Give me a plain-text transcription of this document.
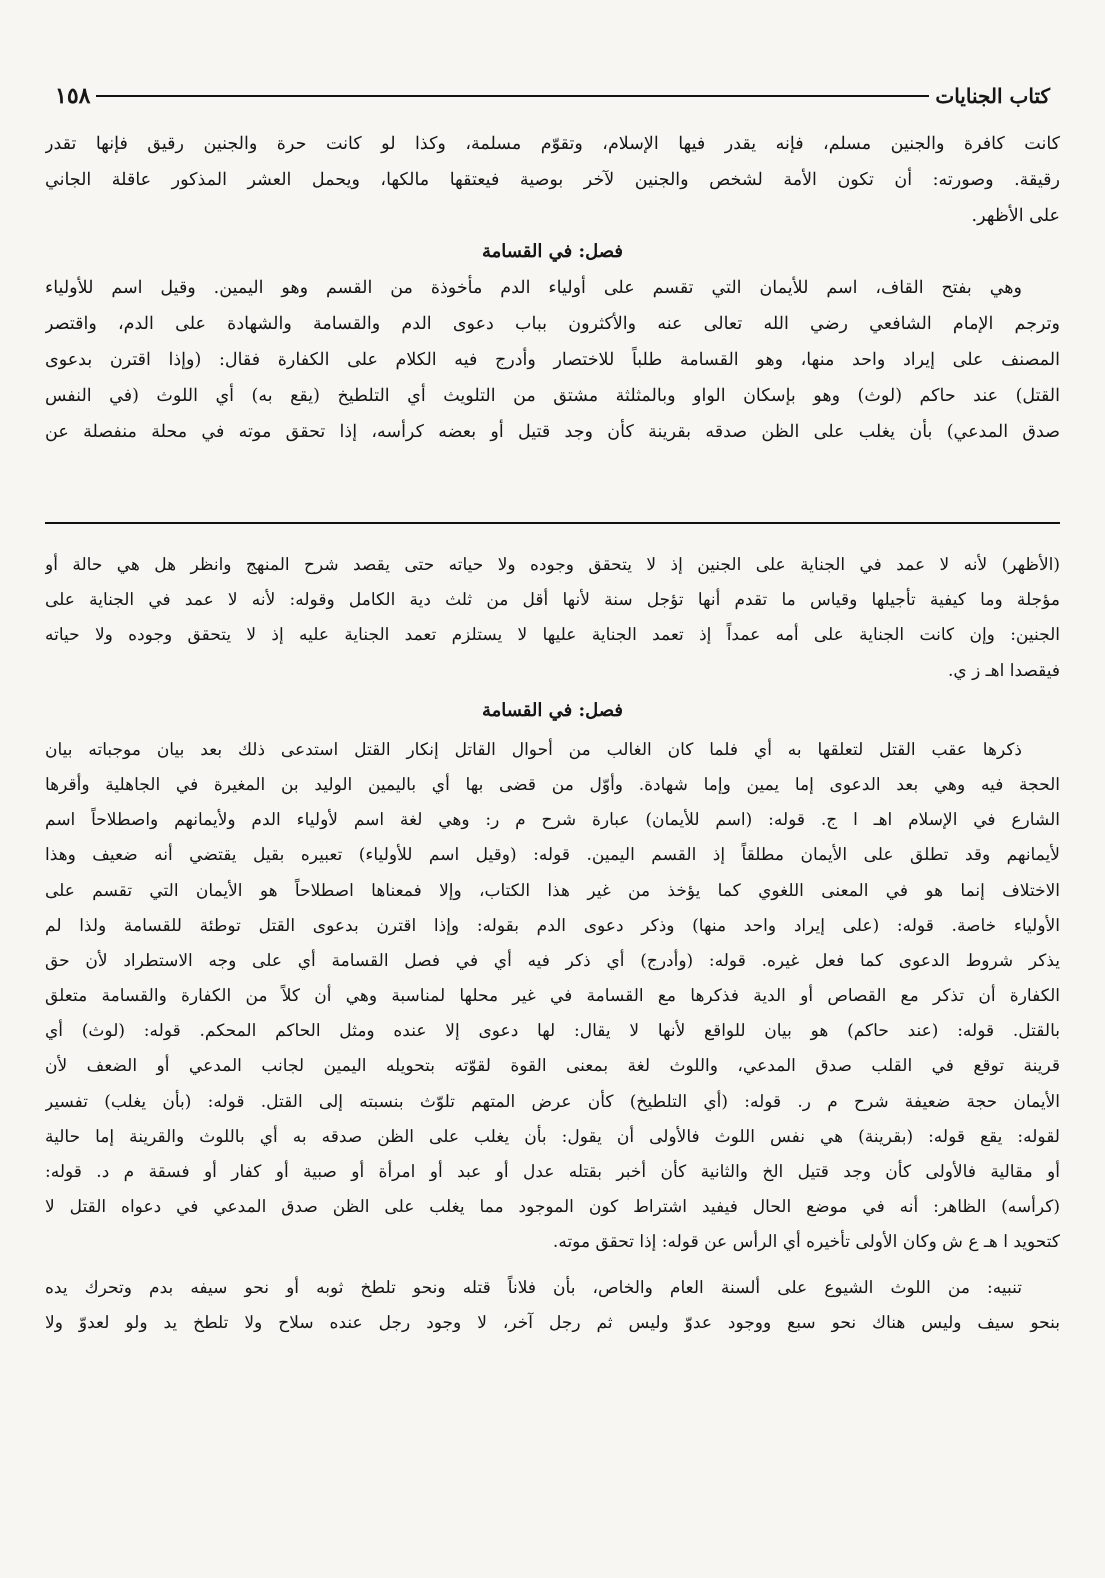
كتاب الجنايات
١٥٨
كانت كافرة والجنين مسلم، فإنه يقدر فيها الإسلام، وتقوّم مسلمة، وكذا لو كانت حرة والجنين رقيق فإنها تقدر
رقيقة. وصورته: أن تكون الأمة لشخص والجنين لآخر بوصية فيعتقها مالكها، ويحمل العشر المذكور عاقلة الجاني
على الأظهر.
فصل: في القسامة
وهي بفتح القاف، اسم للأيمان التي تقسم على أولياء الدم مأخوذة من القسم وهو اليمين. وقيل اسم للأولياء
وترجم الإمام الشافعي رضي الله تعالى عنه والأكثرون بباب دعوى الدم والقسامة والشهادة على الدم، واقتصر
المصنف على إيراد واحد منها، وهو القسامة طلباً للاختصار وأدرج فيه الكلام على الكفارة فقال: (وإذا اقترن بدعوى
القتل) عند حاكم (لوث) وهو بإسكان الواو وبالمثلثة مشتق من التلويث أي التلطيخ (يقع به) أي اللوث (في النفس
صدق المدعي) بأن يغلب على الظن صدقه بقرينة كأن وجد قتيل أو بعضه كرأسه، إذا تحقق موته في محلة منفصلة عن
(الأظهر) لأنه لا عمد في الجناية على الجنين إذ لا يتحقق وجوده ولا حياته حتى يقصد شرح المنهج وانظر هل هي حالة أو
مؤجلة وما كيفية تأجيلها وقياس ما تقدم أنها تؤجل سنة لأنها أقل من ثلث دية الكامل وقوله: لأنه لا عمد في الجناية على
الجنين: وإن كانت الجناية على أمه عمداً إذ تعمد الجناية عليها لا يستلزم تعمد الجناية عليه إذ لا يتحقق وجوده ولا حياته
فيقصدا اهـ ز ي.
فصل: في القسامة
ذكرها عقب القتل لتعلقها به أي فلما كان الغالب من أحوال القاتل إنكار القتل استدعى ذلك بعد بيان موجباته بيان
الحجة فيه وهي بعد الدعوى إما يمين وإما شهادة. وأوّل من قضى بها أي باليمين الوليد بن المغيرة في الجاهلية وأقرها
الشارع في الإسلام اهـ ا ج. قوله: (اسم للأيمان) عبارة شرح م ر: وهي لغة اسم لأولياء الدم ولأيمانهم واصطلاحاً اسم
لأيمانهم وقد تطلق على الأيمان مطلقاً إذ القسم اليمين. قوله: (وقيل اسم للأولياء) تعبيره بقيل يقتضي أنه ضعيف وهذا
الاختلاف إنما هو في المعنى اللغوي كما يؤخذ من غير هذا الكتاب، وإلا فمعناها اصطلاحاً هو الأيمان التي تقسم على
الأولياء خاصة. قوله: (على إيراد واحد منها) وذكر دعوى الدم بقوله: وإذا اقترن بدعوى القتل توطئة للقسامة ولذا لم
يذكر شروط الدعوى كما فعل غيره. قوله: (وأدرج) أي ذكر فيه أي في فصل القسامة أي على وجه الاستطراد لأن حق
الكفارة أن تذكر مع القصاص أو الدية فذكرها مع القسامة في غير محلها لمناسبة وهي أن كلاً من الكفارة والقسامة متعلق
بالقتل. قوله: (عند حاكم) هو بيان للواقع لأنها لا يقال: لها دعوى إلا عنده ومثل الحاكم المحكم. قوله: (لوث) أي
قرينة توقع في القلب صدق المدعي، واللوث لغة بمعنى القوة لقوّته بتحويله اليمين لجانب المدعي أو الضعف لأن
الأيمان حجة ضعيفة شرح م ر. قوله: (أي التلطيخ) كأن عرض المتهم تلوّث بنسبته إلى القتل. قوله: (بأن يغلب) تفسير
لقوله: يقع قوله: (بقرينة) هي نفس اللوث فالأولى أن يقول: بأن يغلب على الظن صدقه به أي باللوث والقرينة إما حالية
أو مقالية فالأولى كأن وجد قتيل الخ والثانية كأن أخبر بقتله عدل أو عبد أو امرأة أو صبية أو كفار أو فسقة م د. قوله:
(كرأسه) الظاهر: أنه في موضع الحال فيفيد اشتراط كون الموجود مما يغلب على الظن صدق المدعي في دعواه القتل لا
كتحويد ا هـ ع ش وكان الأولى تأخيره أي الرأس عن قوله: إذا تحقق موته.
تنبيه: من اللوث الشيوع على ألسنة العام والخاص، بأن فلاناً قتله ونحو تلطخ ثوبه أو نحو سيفه بدم وتحرك يده
بنحو سيف وليس هناك نحو سبع ووجود عدوّ وليس ثم رجل آخر، لا وجود رجل عنده سلاح ولا تلطخ يد ولو لعدوّ ولا
